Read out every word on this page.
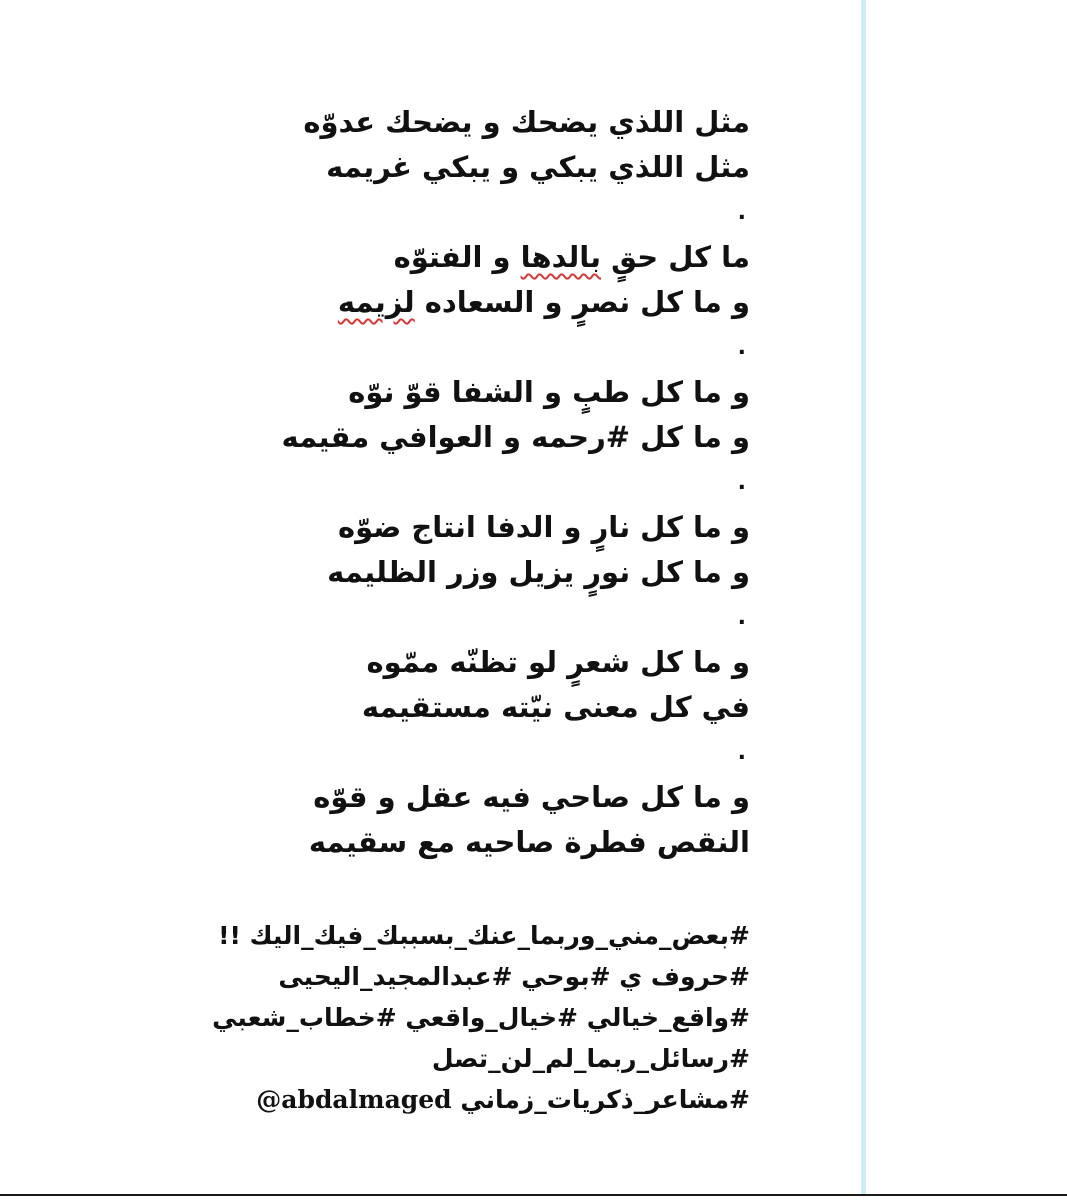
مثل اللذي يضحك و يضحك عدوّه
مثل اللذي يبكي و يبكي غريمه
.
ما كل حقٍ بالدها و الفتوّه
و ما كل نصرٍ و السعاده لزيمه
.
و ما كل طبٍ و الشفا قوّ نوّه
و ما كل #رحمه و العوافي مقيمه
.
و ما كل نارٍ و الدفا انتاج ضوّه
و ما كل نورٍ يزيل وزر الظليمه
.
و ما كل شعرٍ لو تظنّه ممّوه
في كل معنى نيّته مستقيمه
.
و ما كل صاحي فيه عقل و قوّه
النقص فطرة صاحيه مع سقيمه
#بعض_مني_وربما_عنك_بسببك_فيك_اليك !!
#حروف ي #بوحي #عبدالمجيد_اليحيى
#واقع_خيالي #خيال_واقعي #خطاب_شعبي
#رسائل_ربما_لم_لن_تصل
#مشاعر_ذكريات_زماني @abdalmaged
